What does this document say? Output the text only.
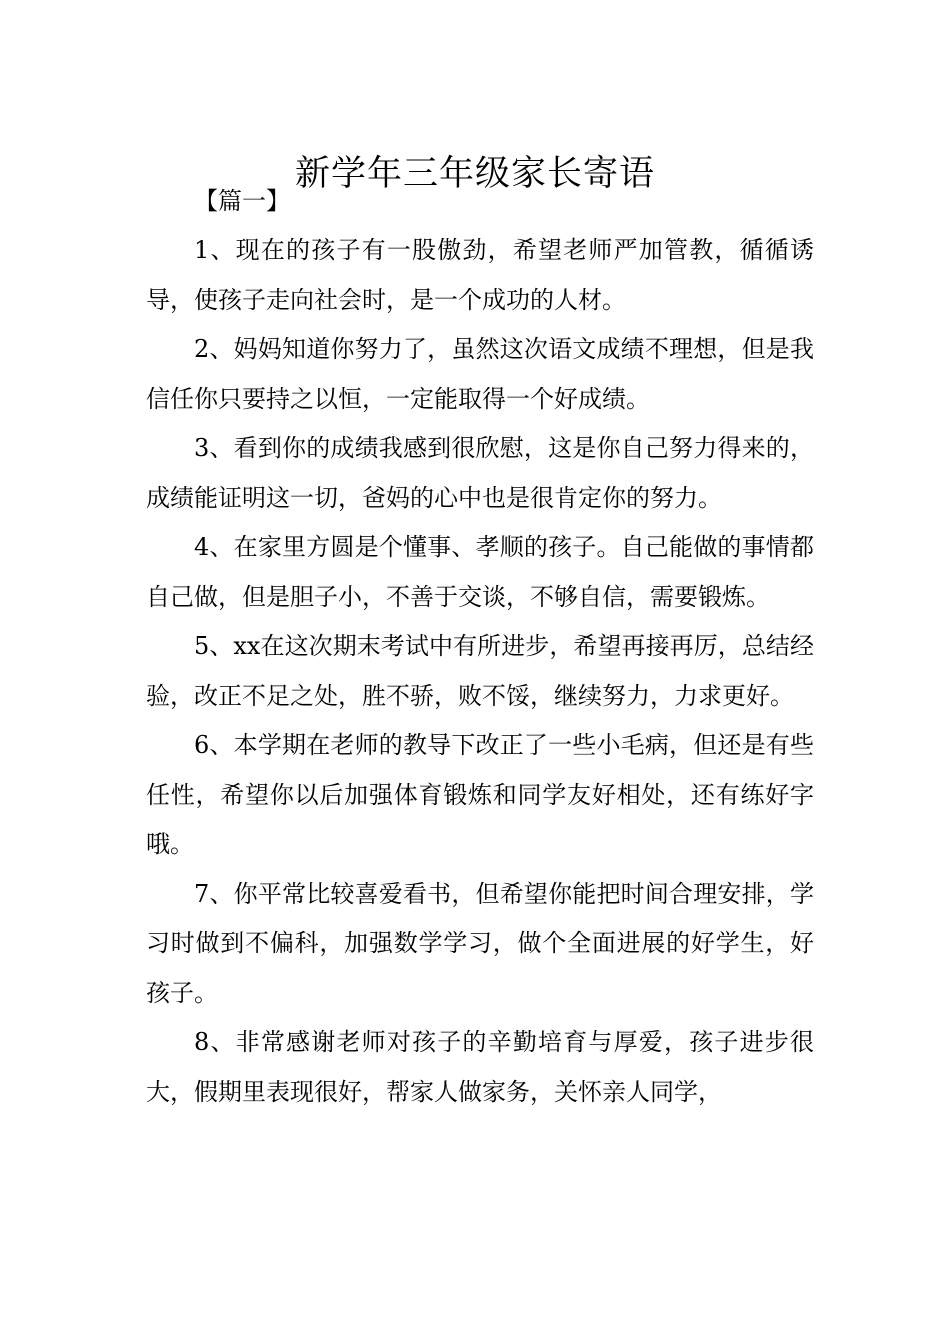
新学年三年级家长寄语
【篇一】

1、现在的孩子有一股傲劲，希望老师严加管教，循循诱导，使孩子走向社会时，是一个成功的人材。

2、妈妈知道你努力了，虽然这次语文成绩不理想，但是我信任你只要持之以恒，一定能取得一个好成绩。

3、看到你的成绩我感到很欣慰，这是你自己努力得来的，成绩能证明这一切，爸妈的心中也是很肯定你的努力。

4、在家里方圆是个懂事、孝顺的孩子。自己能做的事情都自己做，但是胆子小，不善于交谈，不够自信，需要锻炼。

5、xx在这次期末考试中有所进步，希望再接再厉，总结经验，改正不足之处，胜不骄，败不馁，继续努力，力求更好。

6、本学期在老师的教导下改正了一些小毛病，但还是有些任性，希望你以后加强体育锻炼和同学友好相处，还有练好字哦。

7、你平常比较喜爱看书，但希望你能把时间合理安排，学习时做到不偏科，加强数学学习，做个全面进展的好学生，好孩子。

8、非常感谢老师对孩子的辛勤培育与厚爱，孩子进步很大，假期里表现很好，帮家人做家务，关怀亲人同学，
